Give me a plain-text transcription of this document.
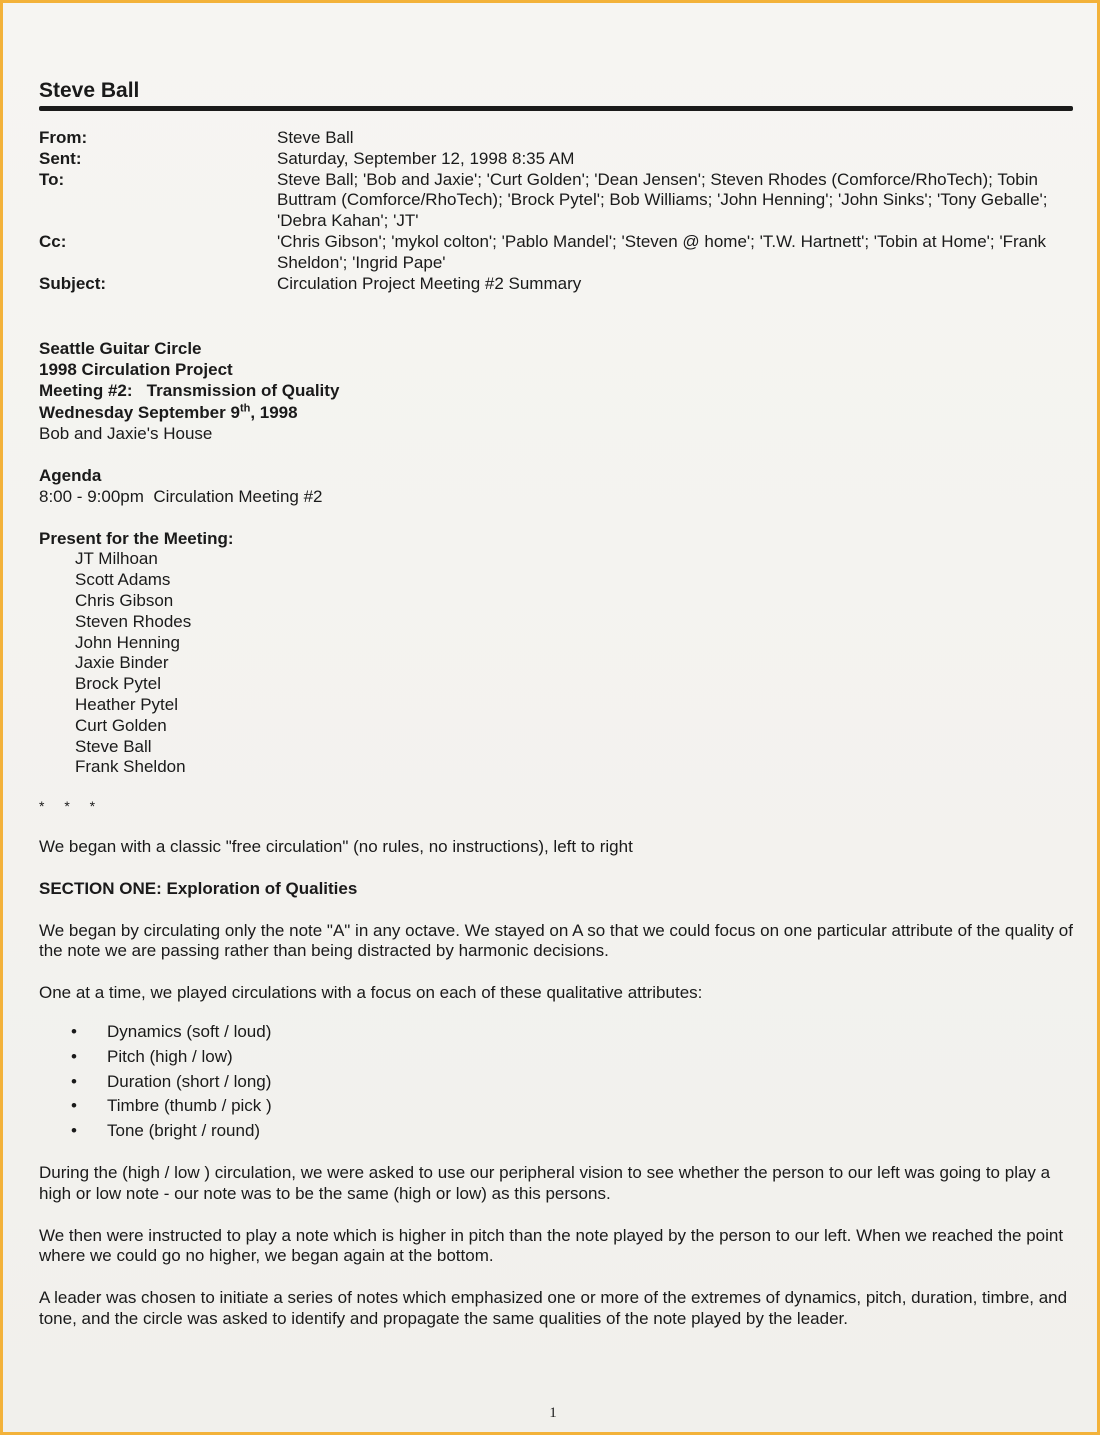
Steve Ball
From:	Steve Ball
Sent:	Saturday, September 12, 1998 8:35 AM
To:	Steve Ball; 'Bob and Jaxie'; 'Curt Golden'; 'Dean Jensen'; Steven Rhodes (Comforce/RhoTech); Tobin Buttram (Comforce/RhoTech); 'Brock Pytel'; Bob Williams; 'John Henning'; 'John Sinks'; 'Tony Geballe'; 'Debra Kahan'; 'JT'
Cc:	'Chris Gibson'; 'mykol colton'; 'Pablo Mandel'; 'Steven @ home'; 'T.W. Hartnett'; 'Tobin at Home'; 'Frank Sheldon'; 'Ingrid Pape'
Subject:	Circulation Project Meeting #2 Summary
Seattle Guitar Circle
1998 Circulation Project
Meeting #2:   Transmission of Quality
Wednesday September 9th, 1998
Bob and Jaxie's House
Agenda
8:00 - 9:00pm  Circulation Meeting #2
Present for the Meeting:
JT Milhoan
Scott Adams
Chris Gibson
Steven Rhodes
John Henning
Jaxie Binder
Brock Pytel
Heather Pytel
Curt Golden
Steve Ball
Frank Sheldon
* * *
We began with a classic "free circulation" (no rules, no instructions), left to right
SECTION ONE: Exploration of Qualities
We began by circulating only the note "A" in any octave. We stayed on A so that we could focus on one particular attribute of the quality of the note we are passing rather than being distracted by harmonic decisions.
One at a time, we played circulations with a focus on each of these qualitative attributes:
•	Dynamics (soft / loud)
•	Pitch (high / low)
•	Duration (short / long)
•	Timbre (thumb / pick )
•	Tone (bright / round)
During the (high / low ) circulation, we were asked to use our peripheral vision to see whether the person to our left was going to play a high or low note - our note was to be the same (high or low) as this persons.
We then were instructed to play a note which is higher in pitch than the note played by the person to our left. When we reached the point where we could go no higher, we began again at the bottom.
A leader was chosen to initiate a series of notes which emphasized one or more of the extremes of dynamics, pitch, duration, timbre, and tone, and the circle was asked to identify and propagate the same qualities of the note played by the leader.
1
